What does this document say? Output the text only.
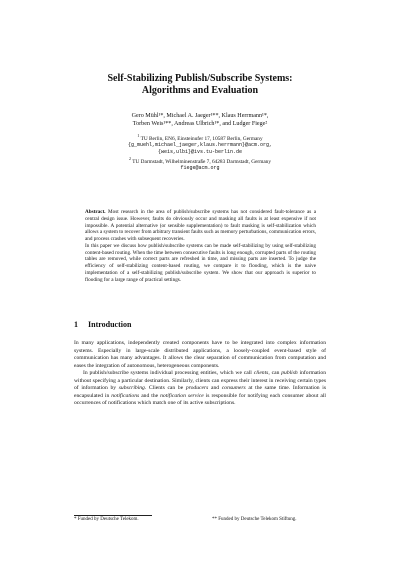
Self-Stabilizing Publish/Subscribe Systems:
Algorithms and Evaluation
Gero Mühl¹*, Michael A. Jaeger¹**, Klaus Herrmann¹*,
Torben Weis¹**, Andreas Ulbrich¹*, and Ludger Fiege²
$^1$ TU Berlin, EN6, Einsteinufer 17, 10587 Berlin, Germany
{g_muehl,michael_jaeger,klaus.herrmann}@acm.org,
{weis,ulbi}@ivs.tu-berlin.de
$^2$ TU Darmstadt, Wilhelminenstraße 7, 64283 Darmstadt, Germany
fiege@acm.org

Abstract. Most research in the area of publish/subscribe systems has not considered fault-tolerance as a central design issue. However, faults do obviously occur and masking all faults is at least expensive if not impossible. A potential alternative (or sensible supplementation) to fault masking is self-stabilization which allows a system to recover from arbitrary transient faults such as memory perturbations, communication errors, and process crashes with subsequent recoveries.

In this paper we discuss how publish/subscribe systems can be made self-stabilizing by using self-stabilizing content-based routing. When the time between consecutive faults is long enough, corrupted parts of the routing tables are removed, while correct parts are refreshed in time, and missing parts are inserted. To judge the efficiency of self-stabilizing content-based routing, we compare it to flooding, which is the naive implementation of a self-stabilizing publish/subscribe system. We show that our approach is superior to flooding for a large range of practical settings.

1 Introduction

In many applications, independently created components have to be integrated into complex information systems. Especially in large-scale distributed applications, a loosely-coupled event-based style of communication has many advantages. It allows the clear separation of communication from computation and eases the integration of autonomous, heterogeneous components.

In publish/subscribe systems individual processing entities, which we call clients, can publish information without specifying a particular destination. Similarly, clients can express their interest in receiving certain types of information by subscribing. Clients can be producers and consumers at the same time. Information is encapsulated in notifications and the notification service is responsible for notifying each consumer about all occurrences of notifications which match one of its active subscriptions.

* Funded by Deutsche Telekom.	** Funded by Deutsche Telekom Stiftung.
